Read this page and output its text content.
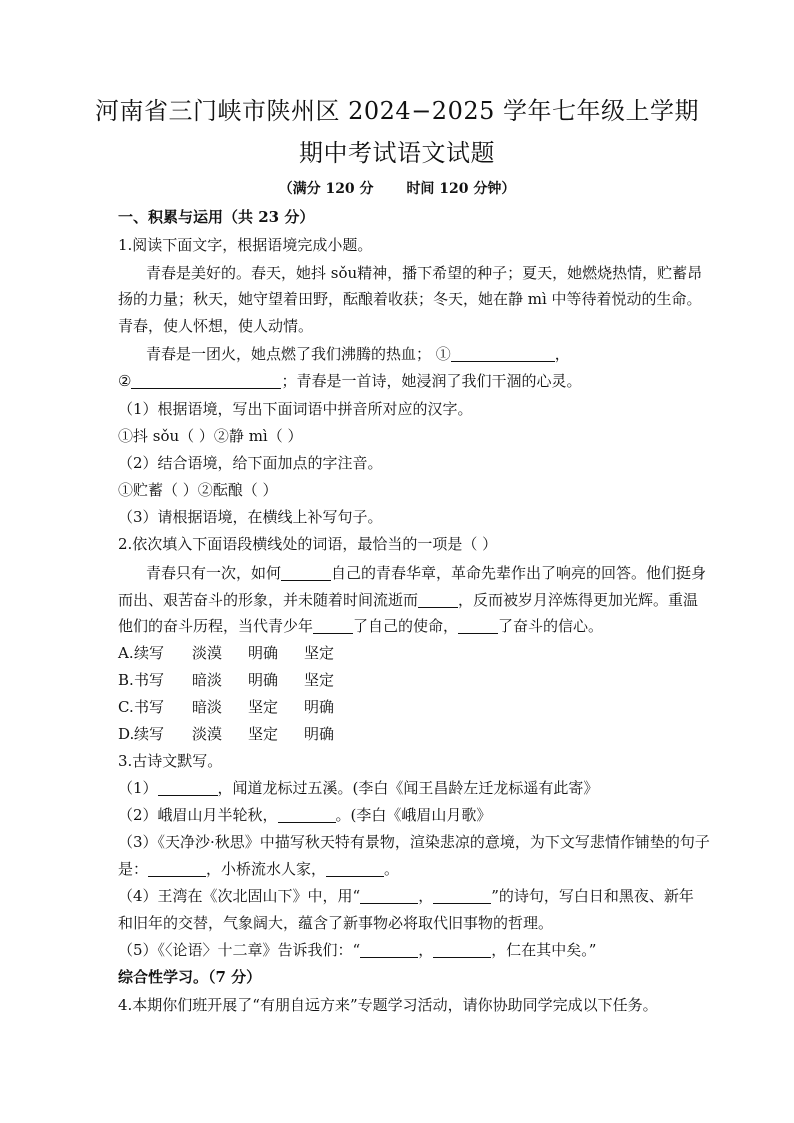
河南省三门峡市陕州区 2024−2025 学年七年级上学期
期中考试语文试题
（满分 120 分 时间 120 分钟）
一、积累与运用（共 23 分）
1.阅读下面文字，根据语境完成小题。
青春是美好的。春天，她抖 sǒu精神，播下希望的种子；夏天，她燃烧热情，贮蓄昂
扬的力量；秋天，她守望着田野，酝酿着收获；冬天，她在静 mì 中等待着悦动的生命。
青春，使人怀想，使人动情。
青春是一团火，她点燃了我们沸腾的热血； ①	，
②	；青春是一首诗，她浸润了我们干涸的心灵。
（1）根据语境，写出下面词语中拼音所对应的汉字。
①抖 sǒu（ ）②静 mì（ ）
（2）结合语境，给下面加点的字注音。
①贮蓄（ ）②酝酿（ ）
（3）请根据语境，在横线上补写句子。
2.依次填入下面语段横线处的词语，最恰当的一项是（ ）
青春只有一次，如何	自己的青春华章，革命先辈作出了响亮的回答。他们挺身
而出、艰苦奋斗的形象，并未随着时间流逝而	，反而被岁月淬炼得更加光辉。重温
他们的奋斗历程，当代青少年	了自己的使命，	了奋斗的信心。
A. 续写 淡漠 明确 坚定
B. 书写 暗淡 明确 坚定
C. 书写 暗淡 坚定 明确
D. 续写 淡漠 坚定 明确
3.古诗文默写。
（1）	，闻道龙标过五溪。(李白《闻王昌龄左迁龙标遥有此寄》
（2）峨眉山月半轮秋，	。(李白《峨眉山月歌》
（3）《天净沙·秋思》中描写秋天特有景物，渲染悲凉的意境，为下文写悲情作铺垫的句子
是：	，小桥流水人家，	。
（4）王湾在《次北固山下》中，用“	，	”的诗句，写白日和黑夜、新年
和旧年的交替，气象阔大，蕴含了新事物必将取代旧事物的哲理。
（5）《〈论语〉十二章》告诉我们：“	，	，仁在其中矣。”
综合性学习。（7 分）
4.本期你们班开展了“有朋自远方来”专题学习活动，请你协助同学完成以下任务。
